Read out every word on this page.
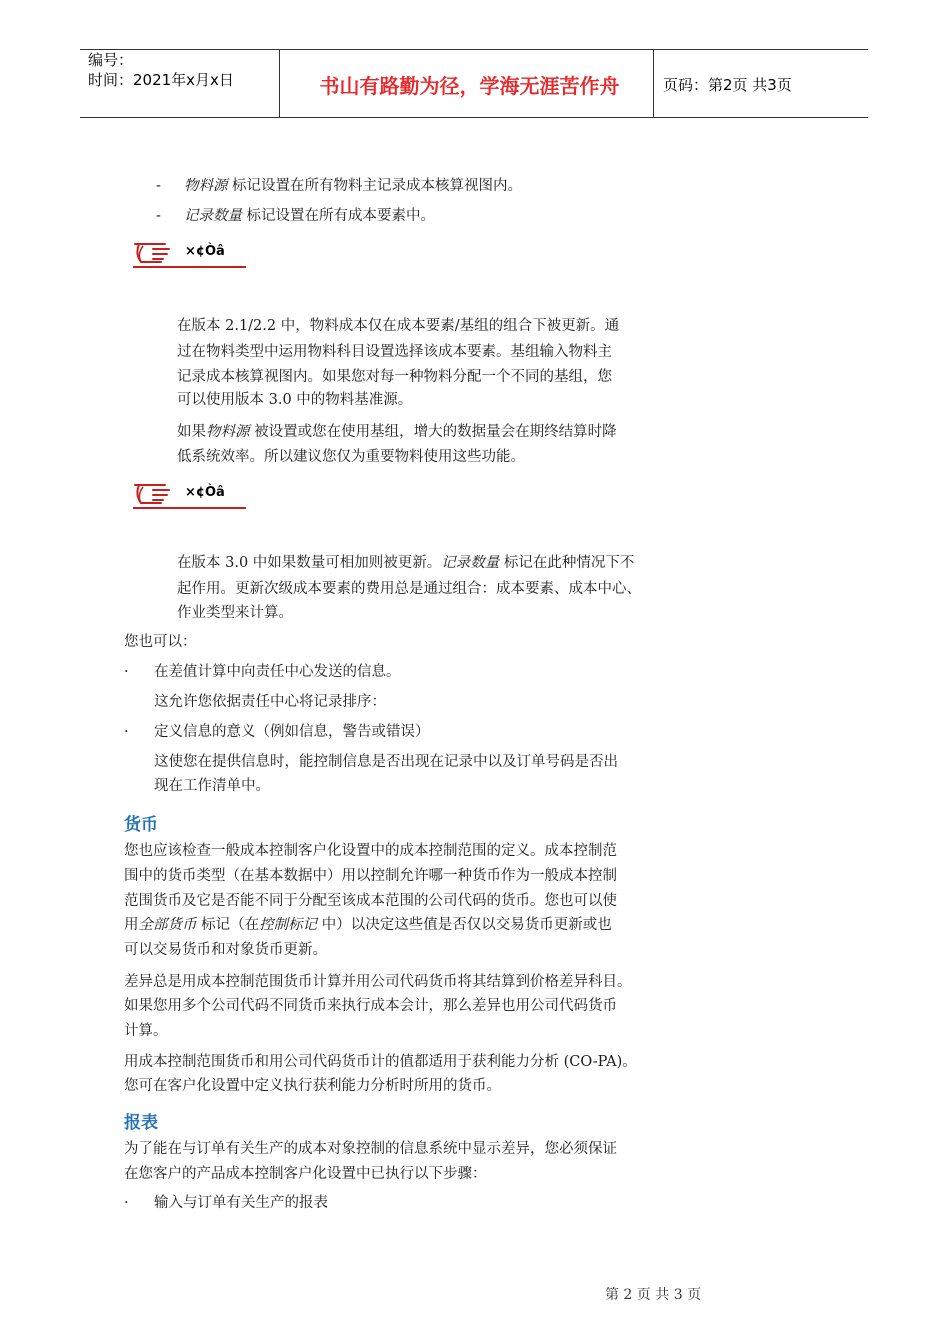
编号：
时间：2021年x月x日	书山有路勤为径，学海无涯苦作舟	页码：第2页 共3页
- 物料源 标记设置在所有物料主记录成本核算视图内。
- 记录数量 标记设置在所有成本要素中。
×¢Òâ
在版本 2.1/2.2 中，物料成本仅在成本要素/基组的组合下被更新。通
过在物料类型中运用物料科目设置选择该成本要素。基组输入物料主
记录成本核算视图内。如果您对每一种物料分配一个不同的基组，您
可以使用版本 3.0 中的物料基准源。
如果物料源 被设置或您在使用基组，增大的数据量会在期终结算时降
低系统效率。所以建议您仅为重要物料使用这些功能。
×¢Òâ
在版本 3.0 中如果数量可相加则被更新。记录数量 标记在此种情况下不
起作用。更新次级成本要素的费用总是通过组合：成本要素、成本中心、
作业类型来计算。
您也可以：
· 在差值计算中向责任中心发送的信息。
这允许您依据责任中心将记录排序：
· 定义信息的意义（例如信息，警告或错误）
这使您在提供信息时，能控制信息是否出现在记录中以及订单号码是否出
现在工作清单中。
货币
您也应该检查一般成本控制客户化设置中的成本控制范围的定义。成本控制范
围中的货币类型（在基本数据中）用以控制允许哪一种货币作为一般成本控制
范围货币及它是否能不同于分配至该成本范围的公司代码的货币。您也可以使
用全部货币 标记（在控制标记 中）以决定这些值是否仅以交易货币更新或也
可以交易货币和对象货币更新。
差异总是用成本控制范围货币计算并用公司代码货币将其结算到价格差异科目。
如果您用多个公司代码不同货币来执行成本会计，那么差异也用公司代码货币
计算。
用成本控制范围货币和用公司代码货币计的值都适用于获利能力分析 (CO-PA)。
您可在客户化设置中定义执行获利能力分析时所用的货币。
报表
为了能在与订单有关生产的成本对象控制的信息系统中显示差异，您必须保证
在您客户的产品成本控制客户化设置中已执行以下步骤：
· 输入与订单有关生产的报表
第 2 页 共 3 页
